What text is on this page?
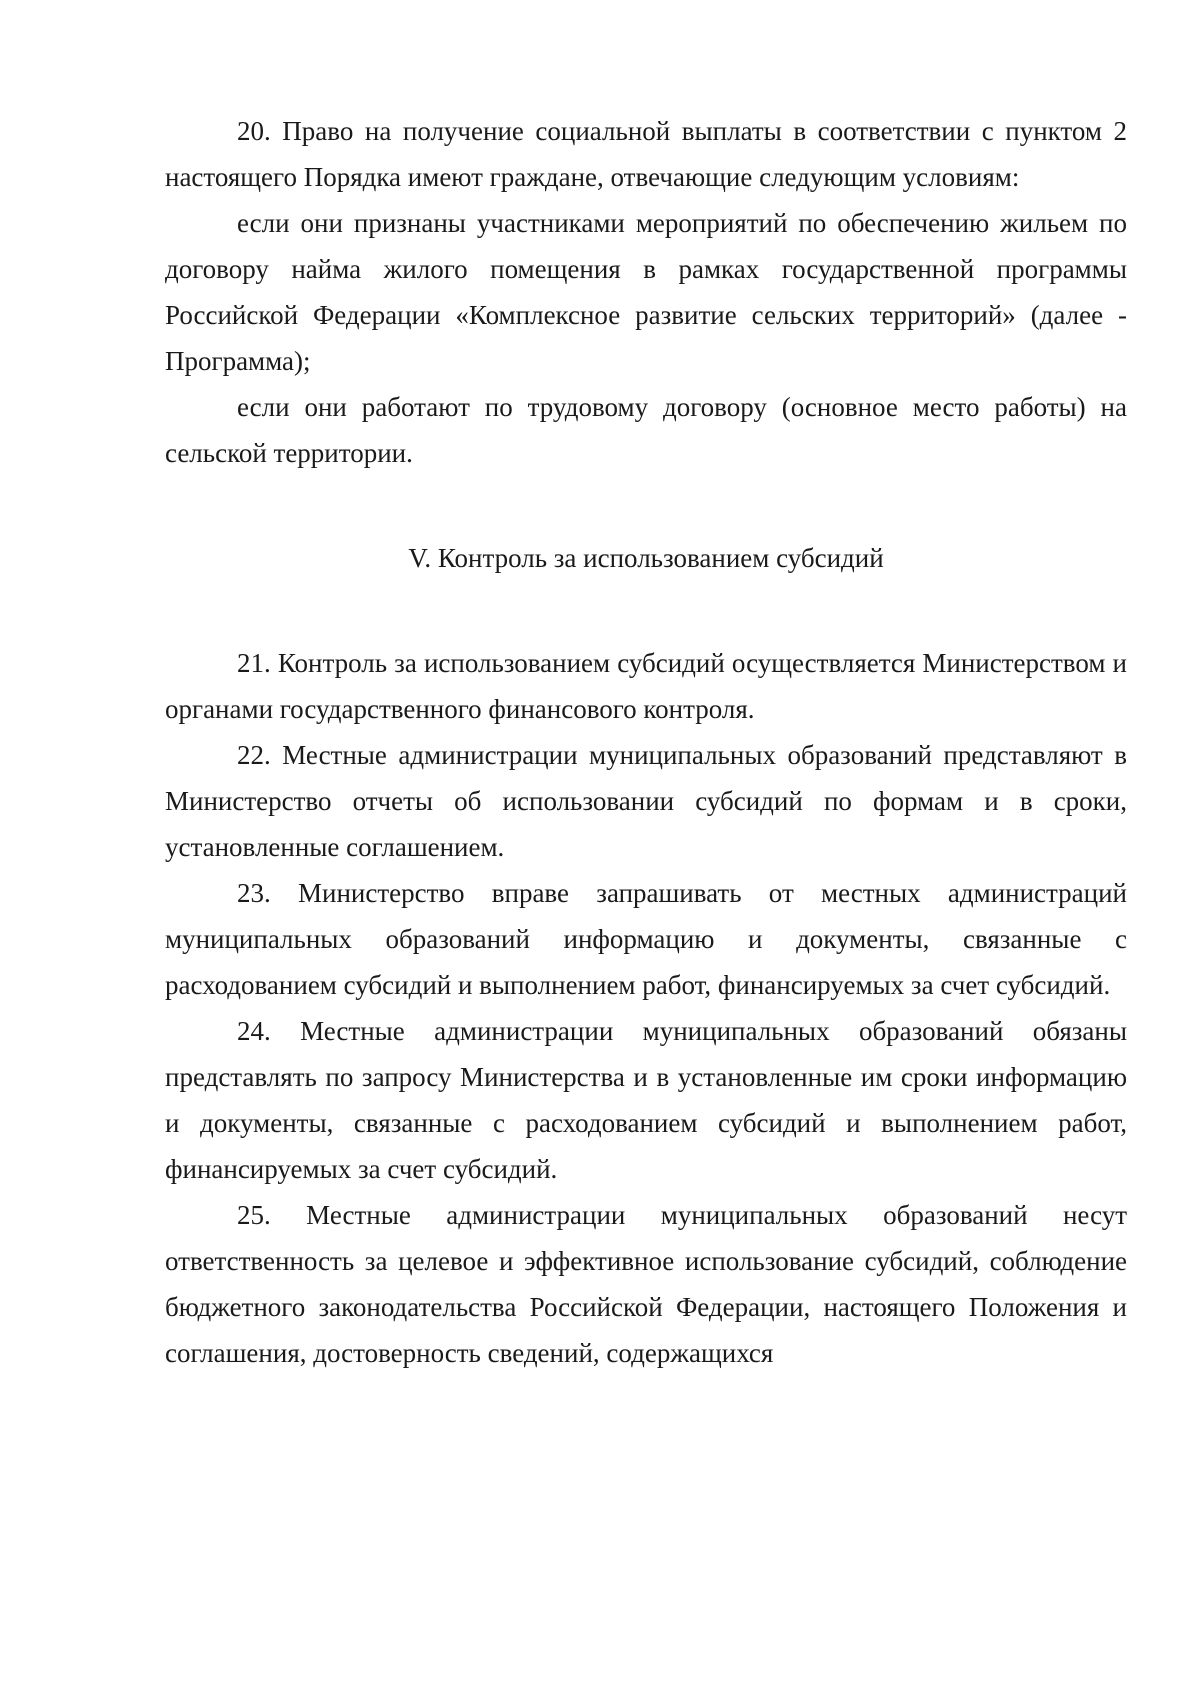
20. Право на получение социальной выплаты в соответствии с пунктом 2 настоящего Порядка имеют граждане, отвечающие следующим условиям:

если они признаны участниками мероприятий по обеспечению жильем по договору найма жилого помещения в рамках государственной программы Российской Федерации «Комплексное развитие сельских территорий» (далее - Программа);

если они работают по трудовому договору (основное место работы) на сельской территории.

V. Контроль за использованием субсидий

21. Контроль за использованием субсидий осуществляется Министерством и органами государственного финансового контроля.

22. Местные администрации муниципальных образований представляют в Министерство отчеты об использовании субсидий по формам и в сроки, установленные соглашением.

23. Министерство вправе запрашивать от местных администраций муниципальных образований информацию и документы, связанные с расходованием субсидий и выполнением работ, финансируемых за счет субсидий.

24. Местные администрации муниципальных образований обязаны представлять по запросу Министерства и в установленные им сроки информацию и документы, связанные с расходованием субсидий и выполнением работ, финансируемых за счет субсидий.

25. Местные администрации муниципальных образований несут ответственность за целевое и эффективное использование субсидий, соблюдение бюджетного законодательства Российской Федерации, настоящего Положения и соглашения, достоверность сведений, содержащихся
